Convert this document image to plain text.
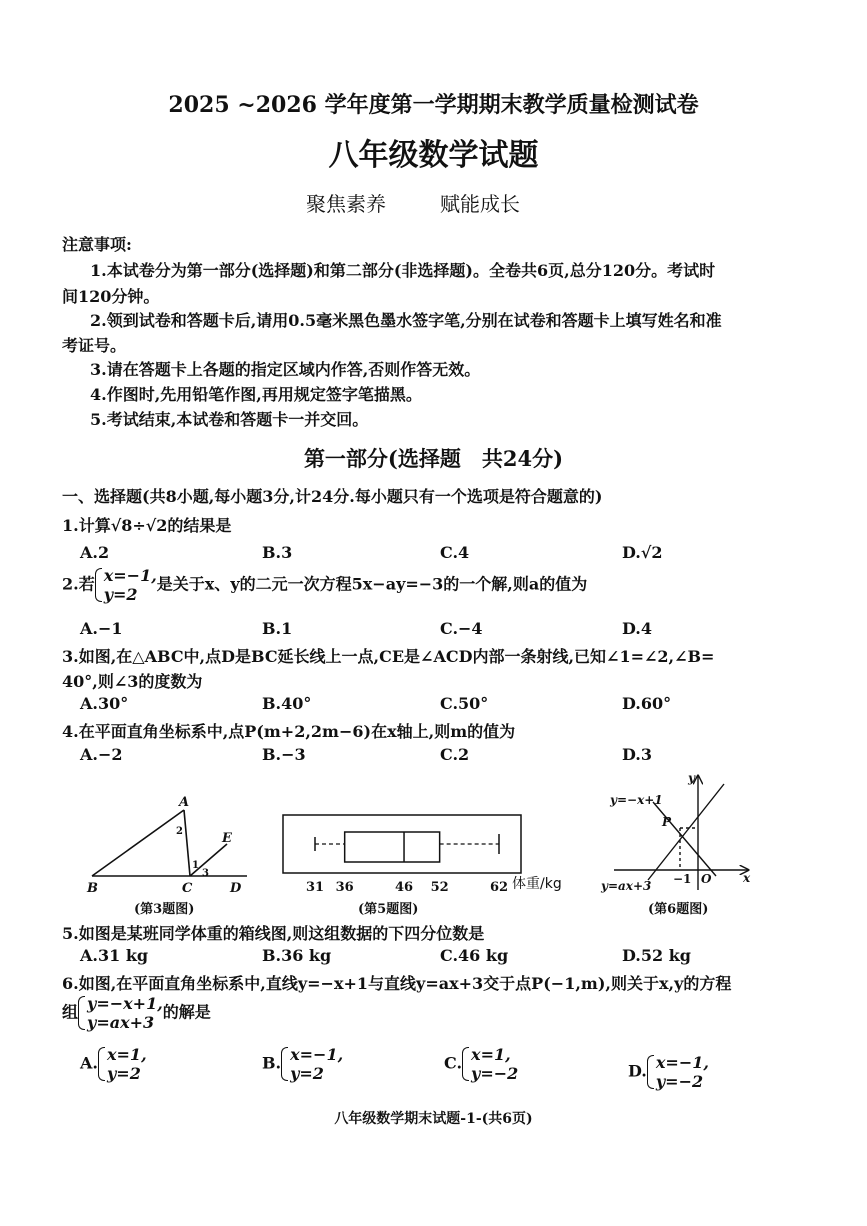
2025 ~2026 学年度第一学期期末教学质量检测试卷
八年级数学试题
聚焦素养	赋能成长
注意事项:
1.本试卷分为第一部分(选择题)和第二部分(非选择题)。全卷共6页,总分120分。考试时
间120分钟。
2.领到试卷和答题卡后,请用0.5毫米黑色墨水签字笔,分别在试卷和答题卡上填写姓名和准
考证号。
3.请在答题卡上各题的指定区域内作答,否则作答无效。
4.作图时,先用铅笔作图,再用规定签字笔描黑。
5.考试结束,本试卷和答题卡一并交回。
第一部分(选择题　共24分)
一、选择题(共8小题,每小题3分,计24分.每小题只有一个选项是符合题意的)
1.计算√8÷√2的结果是
A.2	B.3	C.4	D.√2
2.若 x=−1,
y=2
是关于x、y的二元一次方程5x−ay=−3的一个解,则a的值为
A.−1	B.1	C.−4	D.4
3.如图,在△ABC中,点D是BC延长线上一点,CE是∠ACD内部一条射线,已知∠1=∠2,∠B=
40°,则∠3的度数为
A.30°	B.40°	C.50°	D.60°
4.在平面直角坐标系中,点P(m+2,2m−6)在x轴上,则m的值为
A.−2	B.−3	C.2	D.3
B
A
C	D
E
2
1
3
(第3题图)
31 36	46 52	62 体重/kg
(第5题图)
y=−x+1
y=ax+3
P
−1 O	x
y
(第6题图)
5.如图是某班同学体重的箱线图,则这组数据的下四分位数是
A.31 kg	B.36 kg	C.46 kg	D.52 kg
6.如图,在平面直角坐标系中,直线y=−x+1与直线y=ax+3交于点P(−1,m),则关于x,y的方程
组 y=−x+1,
y=ax+3
的解是
A. x=1,
y=2
B. x=−1,
y=2
C. x=1,
y=−2	D. x=−1,
y=−2
八年级数学期末试题-1-(共6页)
